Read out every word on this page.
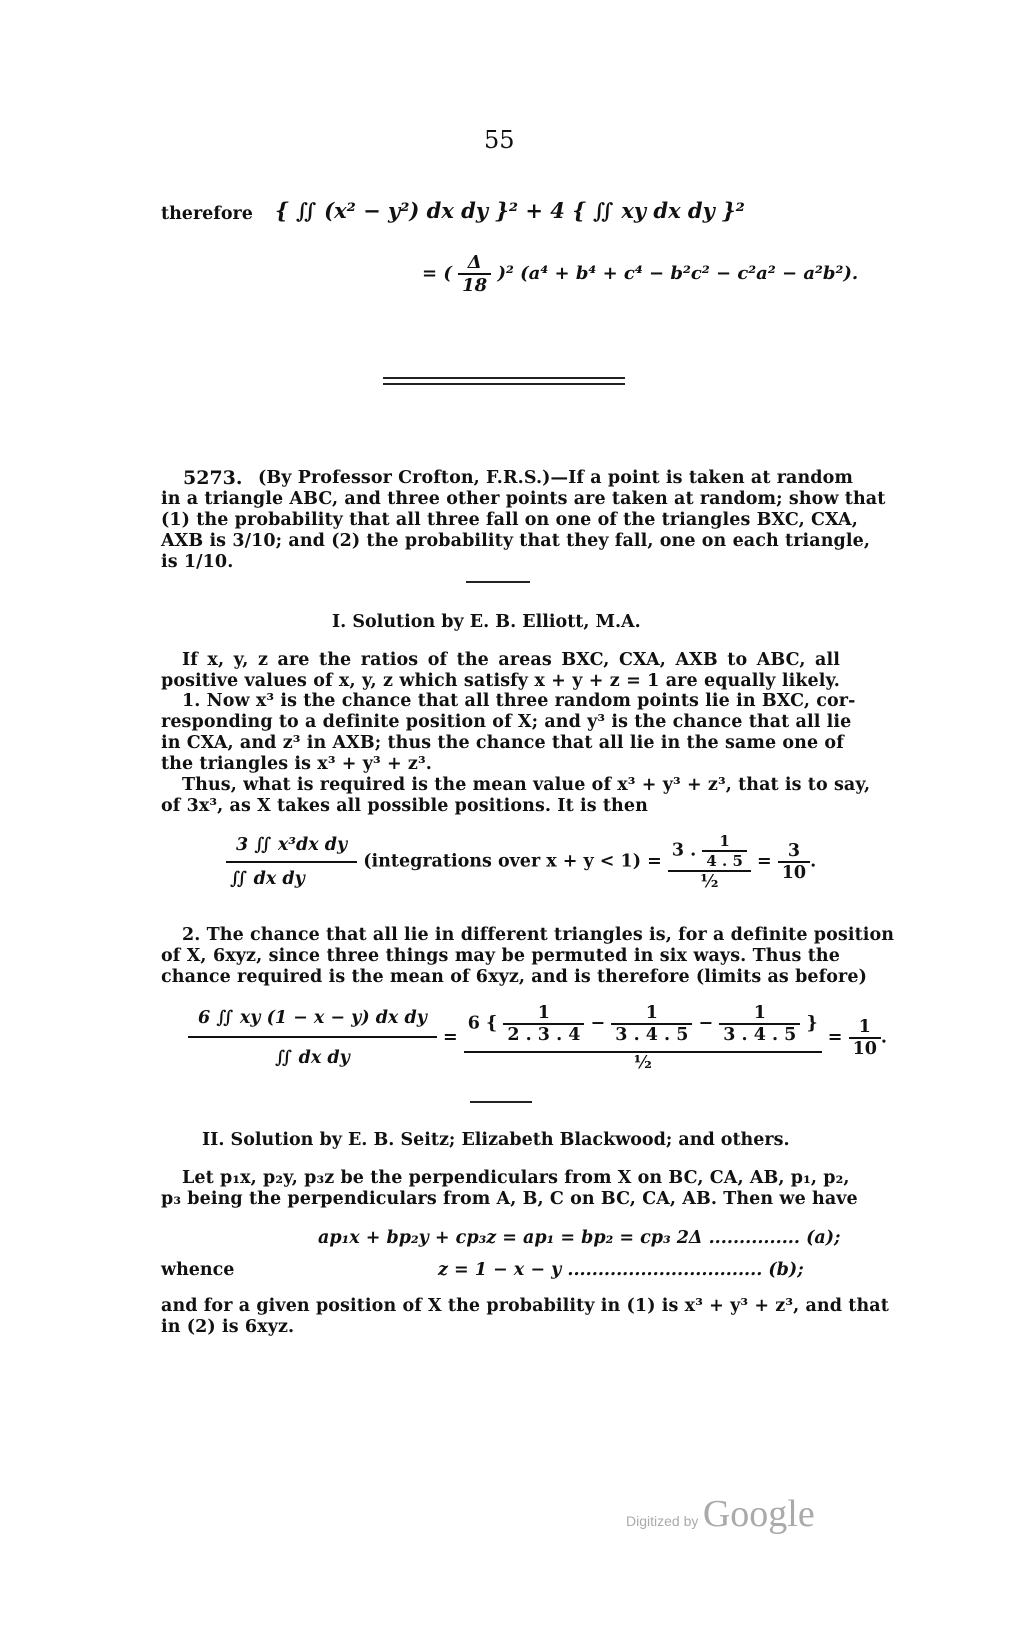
55
therefore { ∬ (x² − y²) dx dy }² + 4 { ∬ xy dx dy }²
= ( $\frac{\Delta}{18} )^2$ (a⁴ + b⁴ + c⁴ − b²c² − c²a² − a²b²).
5273. (By Professor Crofton, F.R.S.)—If a point is taken at random
in a triangle ABC, and three other points are taken at random; show that
(1) the probability that all three fall on one of the triangles BXC, CXA,
AXB is 3/10; and (2) the probability that they fall, one on each triangle,
is 1/10.
I. Solution by E. B. Elliott, M.A.
If x, y, z are the ratios of the areas BXC, CXA, AXB to ABC, all
positive values of x, y, z which satisfy x + y + z = 1 are equally likely.
1. Now x³ is the chance that all three random points lie in BXC, cor-
responding to a definite position of X; and y³ is the chance that all lie
in CXA, and z³ in AXB; thus the chance that all lie in the same one of
the triangles is x³ + y³ + z³.
Thus, what is required is the mean value of x³ + y³ + z³, that is to say,
of 3x³, as X takes all possible positions. It is then
$\frac{\text{3 ∬ x³dx dy}}{\text{∬ dx dy}}$ (integrations over $x + y < 1) = \frac{3 . \frac{1}{4 . 5}}{\text{½}} = \frac{3}{10}$ .
2. The chance that all lie in different triangles is, for a definite position
of X, 6xyz, since three things may be permuted in six ways. Thus the
chance required is the mean of 6xyz, and is therefore (limits as before)
$\frac{\text{6 ∬ xy (1 − x − y) dx dy}}{\text{∬ dx dy}}$ =
6 { $\frac{1}{2 . 3 . 4} - \frac{1}{3 . 4 . 5} - \frac{1}{3 . 4 . 5}$ }
½
= $\frac{1}{10}$ .
II. Solution by E. B. Seitz; Elizabeth Blackwood; and others.
Let p₁x, p₂y, p₃z be the perpendiculars from X on BC, CA, AB, p₁, p₂,
p₃ being the perpendiculars from A, B, C on BC, CA, AB. Then we have
ap₁x + bp₂y + cp₃z = ap₁ = bp₂ = cp₃ 2Δ ............... (a);
whence	z = 1 − x − y ................................ (b);
and for a given position of X the probability in (1) is x³ + y³ + z³, and that
in (2) is 6xyz.
Digitized by Google
